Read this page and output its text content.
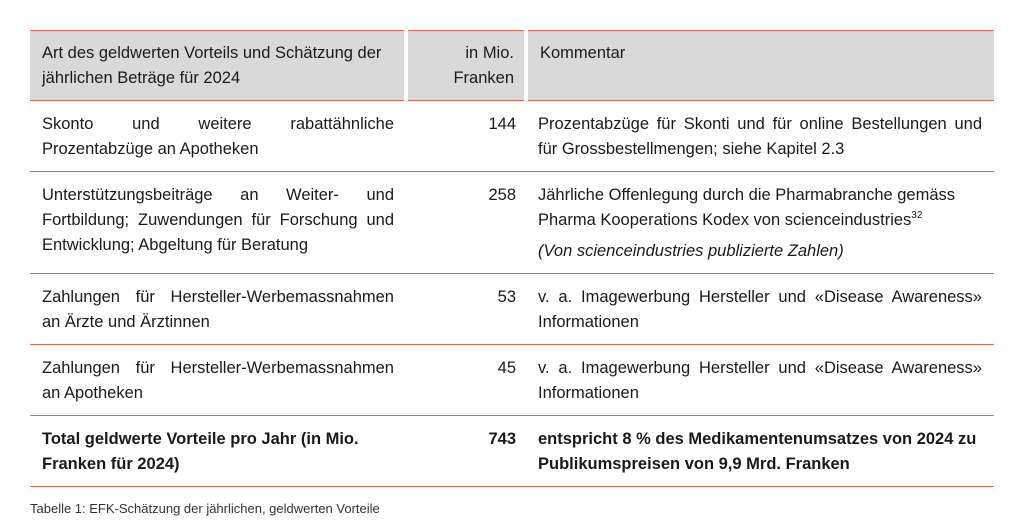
Art des geldwerten Vorteils und Schätzung der jährlichen Beträge für 2024	in Mio. Franken	Kommentar
Skonto und weitere rabattähnliche Prozentabzüge an Apotheken	144	Prozentabzüge für Skonti und für online Bestellungen und für Grossbestellmengen; siehe Kapitel 2.3
Unterstützungsbeiträge an Weiter- und Fortbildung; Zuwendungen für Forschung und Entwicklung; Abgeltung für Beratung	258	Jährliche Offenlegung durch die Pharmabranche gemäss Pharma Kooperations Kodex von scienceindustries$^{32}$
(Von scienceindustries publizierte Zahlen)

Zahlungen für Hersteller-Werbemassnahmen an Ärzte und Ärztinnen	53	v. a. Imagewerbung Hersteller und «Disease Awareness» Informationen
Zahlungen für Hersteller-Werbemassnahmen an Apotheken	45	v. a. Imagewerbung Hersteller und «Disease Awareness» Informationen
Total geldwerte Vorteile pro Jahr (in Mio. Franken für 2024)	743	entspricht 8 % des Medikamentenumsatzes von 2024 zu Publikumspreisen von 9,9 Mrd. Franken
Tabelle 1: EFK-Schätzung der jährlichen, geldwerten Vorteile
